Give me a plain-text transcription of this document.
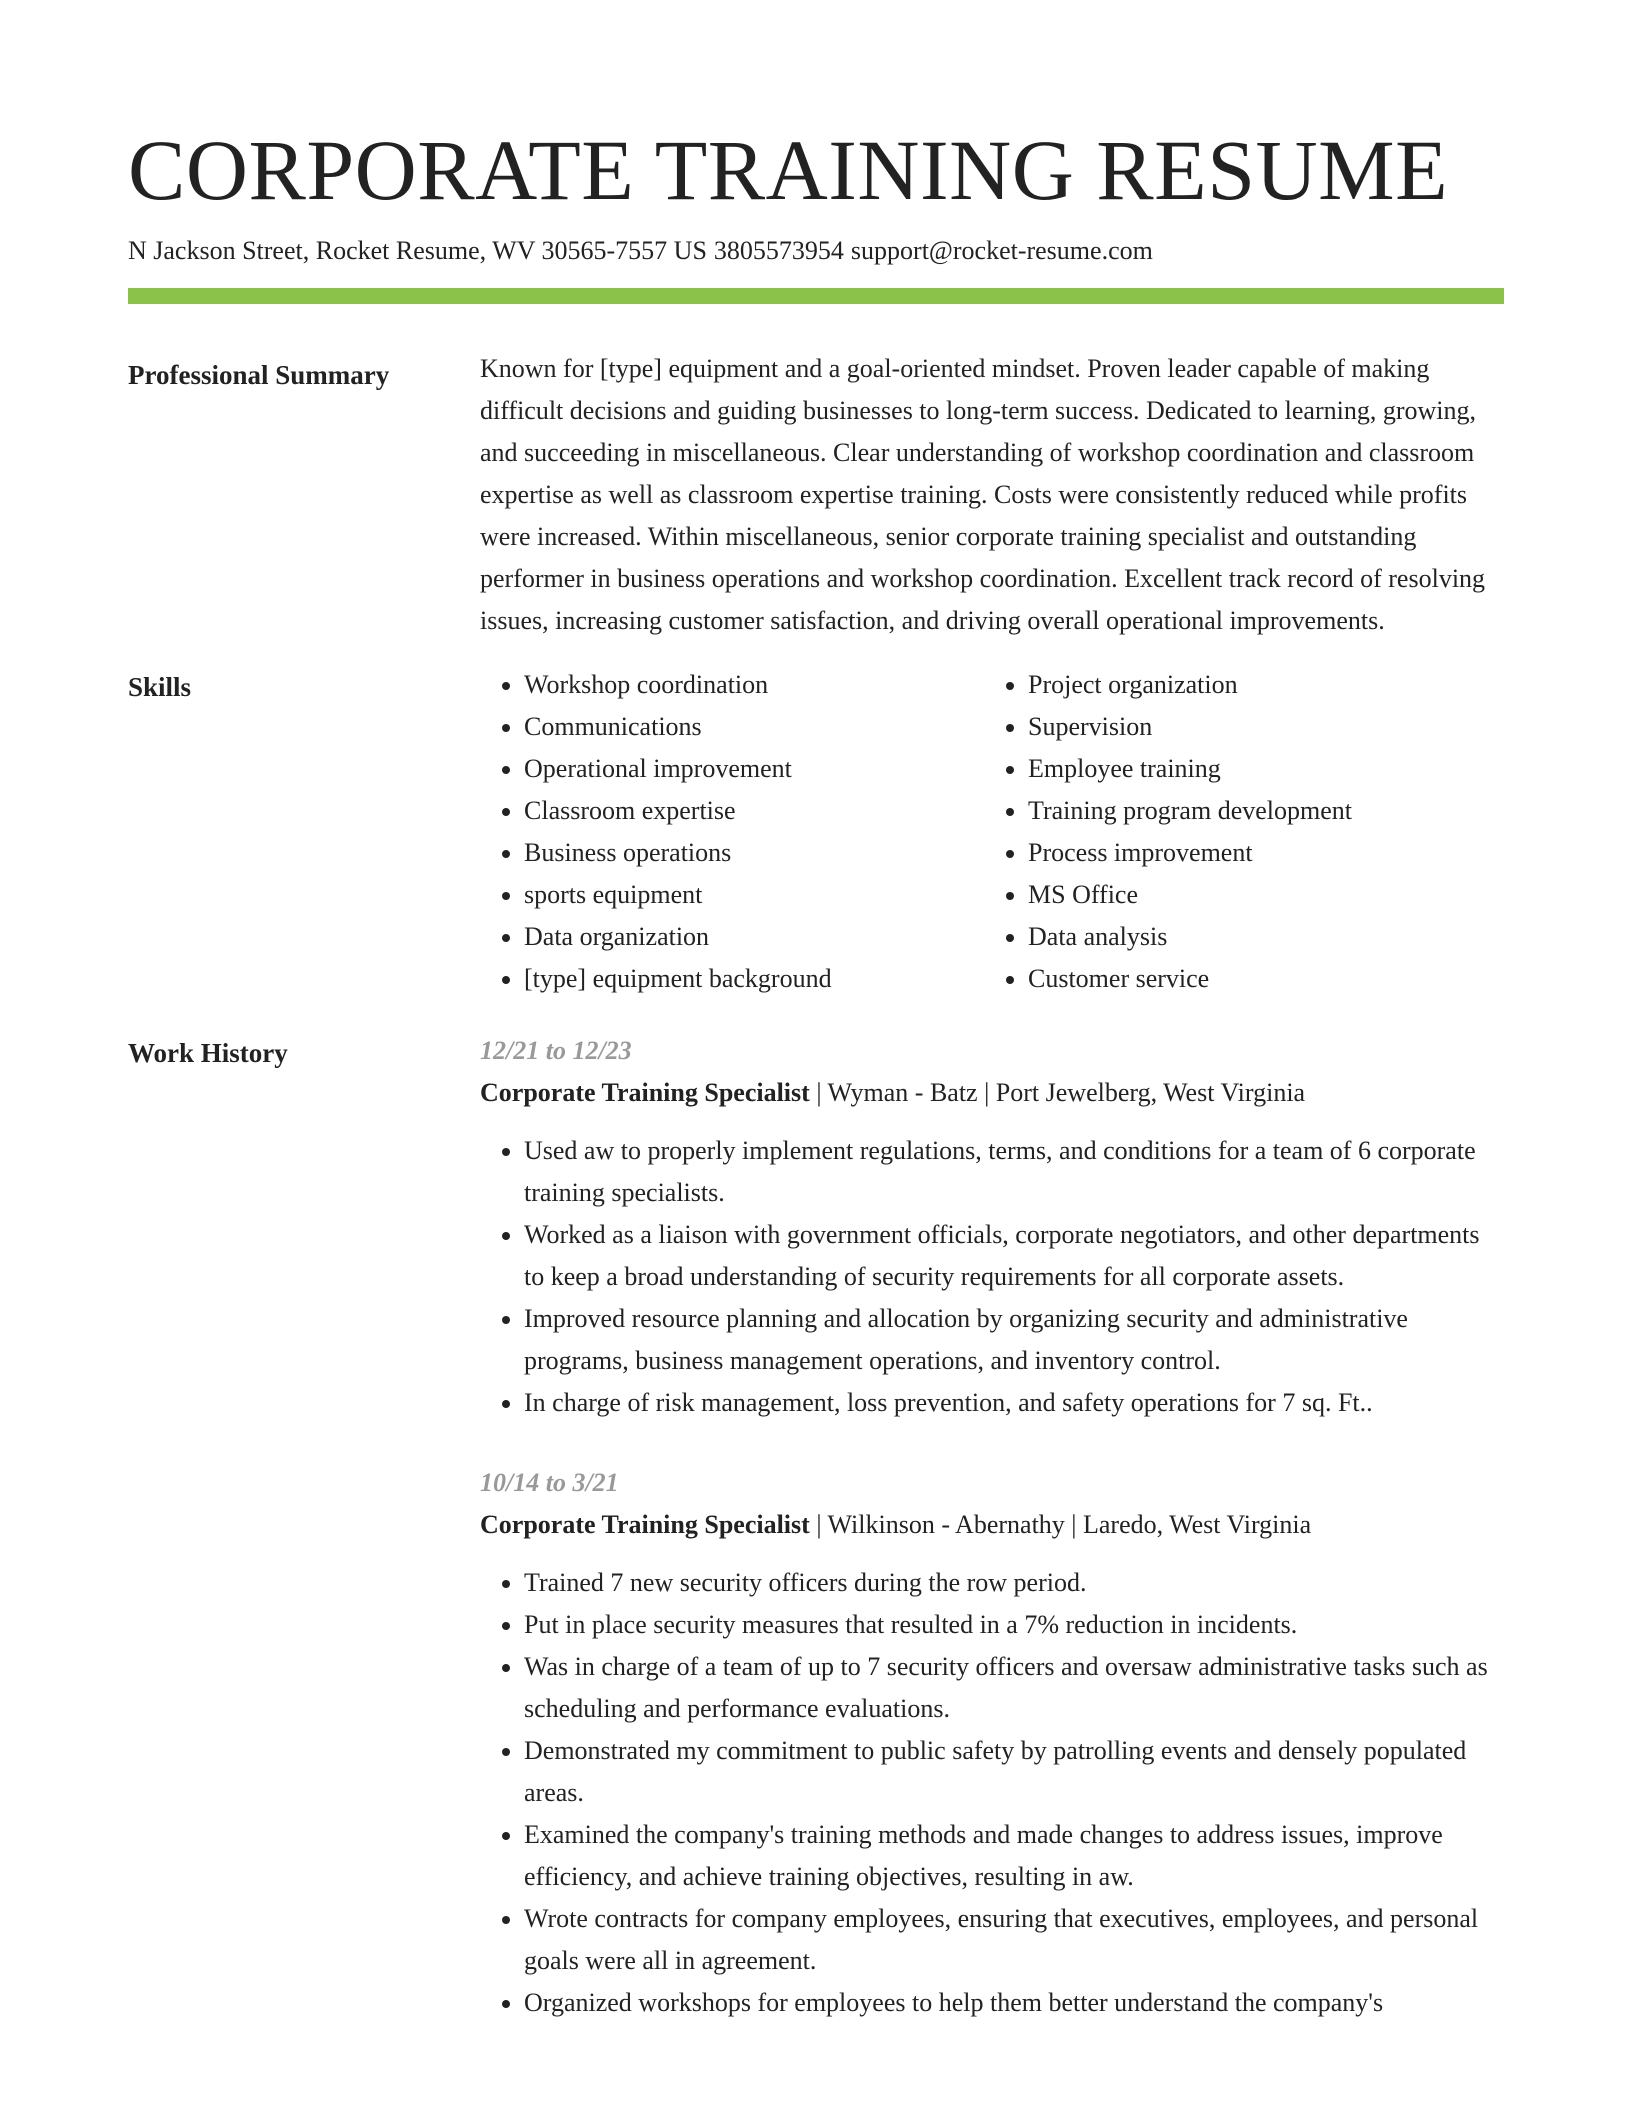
CORPORATE TRAINING RESUME
N Jackson Street, Rocket Resume, WV 30565-7557 US 3805573954 support@rocket-resume.com
Professional Summary	Known for [type] equipment and a goal-oriented mindset. Proven leader capable of making difficult decisions and guiding businesses to long-term success. Dedicated to learning, growing, and succeeding in miscellaneous. Clear understanding of workshop coordination and classroom expertise as well as classroom expertise training. Costs were consistently reduced while profits were increased. Within miscellaneous, senior corporate training specialist and outstanding performer in business operations and workshop coordination. Excellent track record of resolving issues, increasing customer satisfaction, and driving overall operational improvements.

Skills
•	Workshop coordination
• Communications
• Operational improvement
• Classroom expertise
• Business operations
• sports equipment
• Data organization
• [type] equipment background
• Project organization
• Supervision
• Employee training
• Training program development
• Process improvement
• MS Office
• Data analysis
• Customer service
Work History	12/21 to 12/23
Corporate Training Specialist | Wyman - Batz | Port Jewelberg, West Virginia
• Used aw to properly implement regulations, terms, and conditions for a team of 6 corporate training specialists.
• Worked as a liaison with government officials, corporate negotiators, and other departments to keep a broad understanding of security requirements for all corporate assets.
• Improved resource planning and allocation by organizing security and administrative programs, business management operations, and inventory control.
• In charge of risk management, loss prevention, and safety operations for 7 sq. Ft..
10/14 to 3/21
Corporate Training Specialist | Wilkinson - Abernathy | Laredo, West Virginia
• Trained 7 new security officers during the row period.
• Put in place security measures that resulted in a 7% reduction in incidents.
• Was in charge of a team of up to 7 security officers and oversaw administrative tasks such as scheduling and performance evaluations.
• Demonstrated my commitment to public safety by patrolling events and densely populated areas.
• Examined the company's training methods and made changes to address issues, improve efficiency, and achieve training objectives, resulting in aw.
• Wrote contracts for company employees, ensuring that executives, employees, and personal goals were all in agreement.
• Organized workshops for employees to help them better understand the company's
